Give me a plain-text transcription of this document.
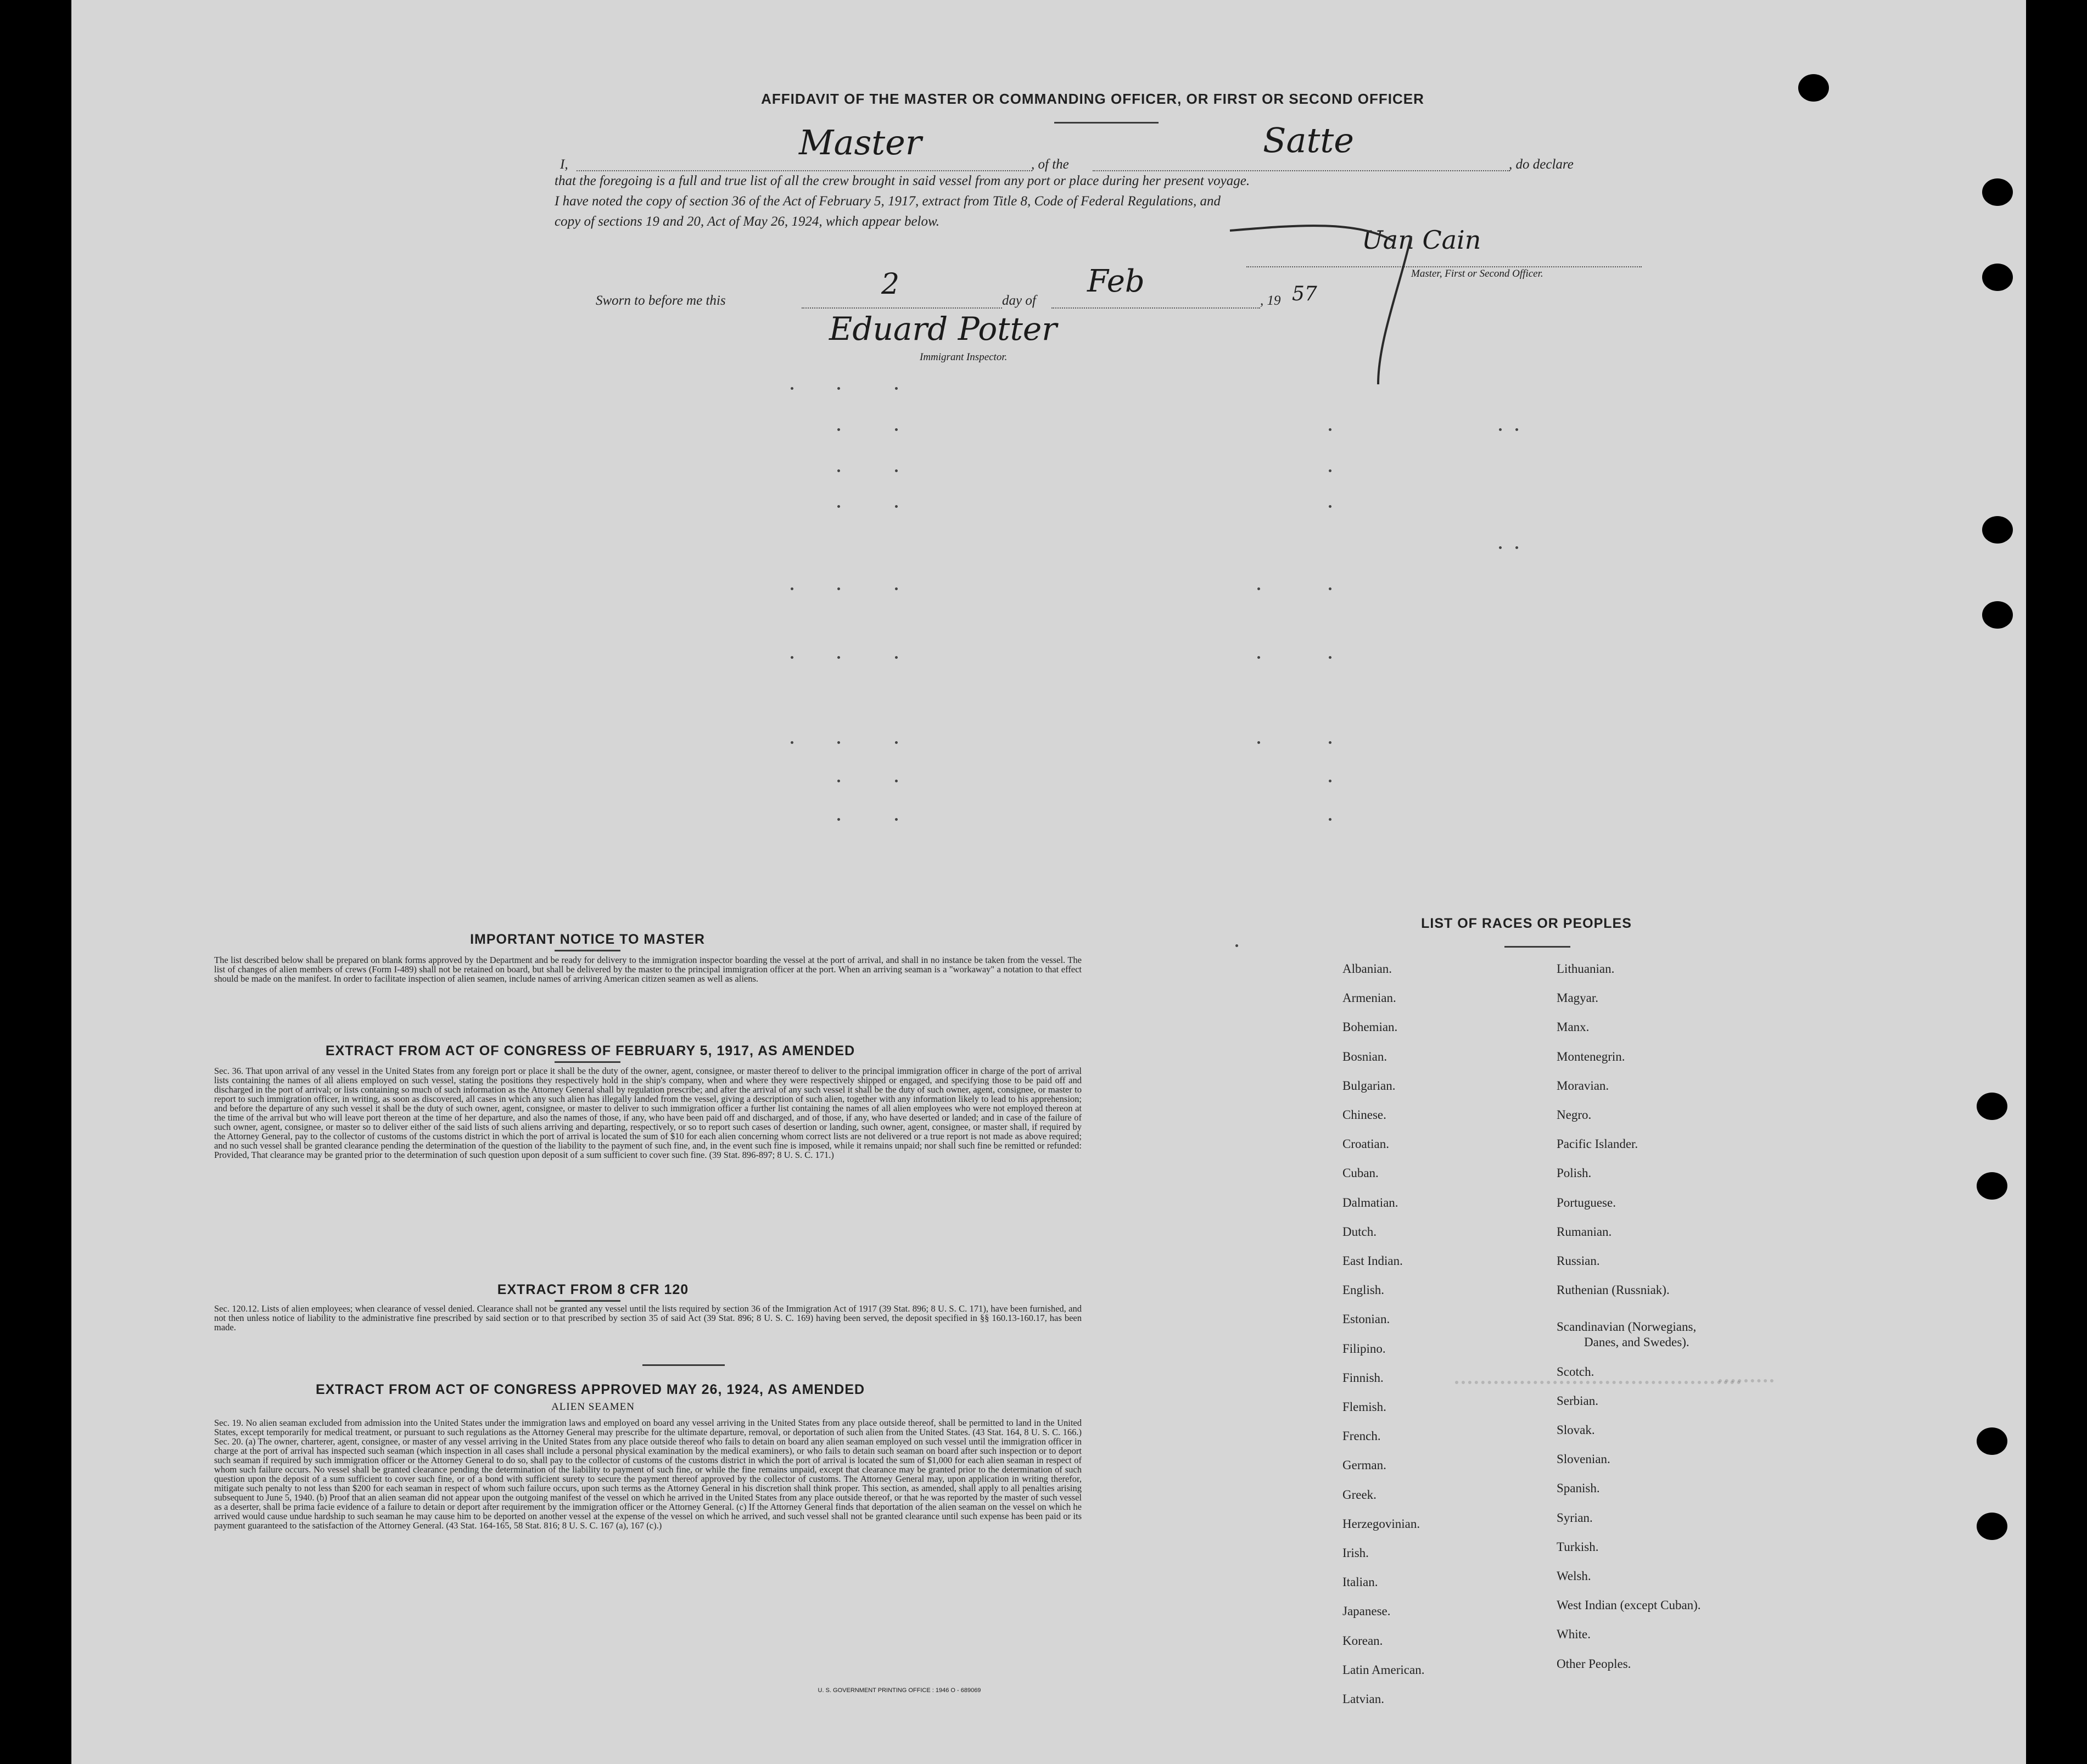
AFFIDAVIT OF THE MASTER OR COMMANDING OFFICER, OR FIRST OR SECOND OFFICER
I,
Master
, of the
Satte
, do declare
that the foregoing is a full and true list of all the crew brought in said vessel from any port or place during her present voyage.
I have noted the copy of section 36 of the Act of February 5, 1917, extract from Title 8, Code of Federal Regulations, and
copy of sections 19 and 20, Act of May 26, 1924, which appear below.
Uan Cain
Master, First or Second Officer.
Sworn to before me this	2	day of
Feb
, 19 57
Eduard Potter
Immigrant Inspector.
IMPORTANT NOTICE TO MASTER
The list described below shall be prepared on blank forms approved by the Department and be ready for delivery to the immigration inspector boarding the vessel at the port of arrival, and shall in no instance be taken from the vessel. The list of changes of alien members of crews (Form I-489) shall not be retained on board, but shall be delivered by the master to the principal immigration officer at the port. When an arriving seaman is a "workaway" a notation to that effect should be made on the manifest. In order to facilitate inspection of alien seamen, include names of arriving American citizen seamen as well as aliens.
EXTRACT FROM ACT OF CONGRESS OF FEBRUARY 5, 1917, AS AMENDED
Sec. 36. That upon arrival of any vessel in the United States from any foreign port or place it shall be the duty of the owner, agent, consignee, or master thereof to deliver to the principal immigration officer in charge of the port of arrival lists containing the names of all aliens employed on such vessel, stating the positions they respectively hold in the ship's company, when and where they were respectively shipped or engaged, and specifying those to be paid off and discharged in the port of arrival; or lists containing so much of such information as the Attorney General shall by regulation prescribe; and after the arrival of any such vessel it shall be the duty of such owner, agent, consignee, or master to report to such immigration officer, in writing, as soon as discovered, all cases in which any such alien has illegally landed from the vessel, giving a description of such alien, together with any information likely to lead to his apprehension; and before the departure of any such vessel it shall be the duty of such owner, agent, consignee, or master to deliver to such immigration officer a further list containing the names of all alien employees who were not employed thereon at the time of the arrival but who will leave port thereon at the time of her departure, and also the names of those, if any, who have been paid off and discharged, and of those, if any, who have deserted or landed; and in case of the failure of such owner, agent, consignee, or master so to deliver either of the said lists of such aliens arriving and departing, respectively, or so to report such cases of desertion or landing, such owner, agent, consignee, or master shall, if required by the Attorney General, pay to the collector of customs of the customs district in which the port of arrival is located the sum of $10 for each alien concerning whom correct lists are not delivered or a true report is not made as above required; and no such vessel shall be granted clearance pending the determination of the question of the liability to the payment of such fine, and, in the event such fine is imposed, while it remains unpaid; nor shall such fine be remitted or refunded: Provided, That clearance may be granted prior to the determination of such question upon deposit of a sum sufficient to cover such fine. (39 Stat. 896-897; 8 U. S. C. 171.)
EXTRACT FROM 8 CFR 120
Sec. 120.12. Lists of alien employees; when clearance of vessel denied. Clearance shall not be granted any vessel until the lists required by section 36 of the Immigration Act of 1917 (39 Stat. 896; 8 U. S. C. 171), have been furnished, and not then unless notice of liability to the administrative fine prescribed by said section or to that prescribed by section 35 of said Act (39 Stat. 896; 8 U. S. C. 169) having been served, the deposit specified in §§ 160.13-160.17, has been made.
EXTRACT FROM ACT OF CONGRESS APPROVED MAY 26, 1924, AS AMENDED
ALIEN SEAMEN
Sec. 19. No alien seaman excluded from admission into the United States under the immigration laws and employed on board any vessel arriving in the United States from any place outside thereof, shall be permitted to land in the United States, except temporarily for medical treatment, or pursuant to such regulations as the Attorney General may prescribe for the ultimate departure, removal, or deportation of such alien from the United States. (43 Stat. 164, 8 U. S. C. 166.) Sec. 20. (a) The owner, charterer, agent, consignee, or master of any vessel arriving in the United States from any place outside thereof who fails to detain on board any alien seaman employed on such vessel until the immigration officer in charge at the port of arrival has inspected such seaman (which inspection in all cases shall include a personal physical examination by the medical examiners), or who fails to detain such seaman on board after such inspection or to deport such seaman if required by such immigration officer or the Attorney General to do so, shall pay to the collector of customs of the customs district in which the port of arrival is located the sum of $1,000 for each alien seaman in respect of whom such failure occurs. No vessel shall be granted clearance pending the determination of the liability to payment of such fine, or while the fine remains unpaid, except that clearance may be granted prior to the determination of such question upon the deposit of a sum sufficient to cover such fine, or of a bond with sufficient surety to secure the payment thereof approved by the collector of customs. The Attorney General may, upon application in writing therefor, mitigate such penalty to not less than $200 for each seaman in respect of whom such failure occurs, upon such terms as the Attorney General in his discretion shall think proper. This section, as amended, shall apply to all penalties arising subsequent to June 5, 1940. (b) Proof that an alien seaman did not appear upon the outgoing manifest of the vessel on which he arrived in the United States from any place outside thereof, or that he was reported by the master of such vessel as a deserter, shall be prima facie evidence of a failure to detain or deport after requirement by the immigration officer or the Attorney General. (c) If the Attorney General finds that deportation of the alien seaman on the vessel on which he arrived would cause undue hardship to such seaman he may cause him to be deported on another vessel at the expense of the vessel on which he arrived, and such vessel shall not be granted clearance until such expense has been paid or its payment guaranteed to the satisfaction of the Attorney General. (43 Stat. 164-165, 58 Stat. 816; 8 U. S. C. 167 (a), 167 (c).)
U. S. GOVERNMENT PRINTING OFFICE : 1946 O - 689069
LIST OF RACES OR PEOPLES
Albanian.
Armenian.
Bohemian.
Bosnian.
Bulgarian.
Chinese.
Croatian.
Cuban.
Dalmatian.
Dutch.
East Indian.
English.
Estonian.
Filipino.
Finnish.
Flemish.
French.
German.
Greek.
Herzegovinian.
Irish.
Italian.
Japanese.
Korean.
Latin American.
Latvian.
Lithuanian.
Magyar.
Manx.
Montenegrin.
Moravian.
Negro.
Pacific Islander.
Polish.
Portuguese.
Rumanian.
Russian.
Ruthenian (Russniak).
Scandinavian (Norwegians,
Danes, and Swedes).
Scotch.
Serbian.
Slovak.
Slovenian.
Spanish.
Syrian.
Turkish.
Welsh.
West Indian (except Cuban).
White.
Other Peoples.
